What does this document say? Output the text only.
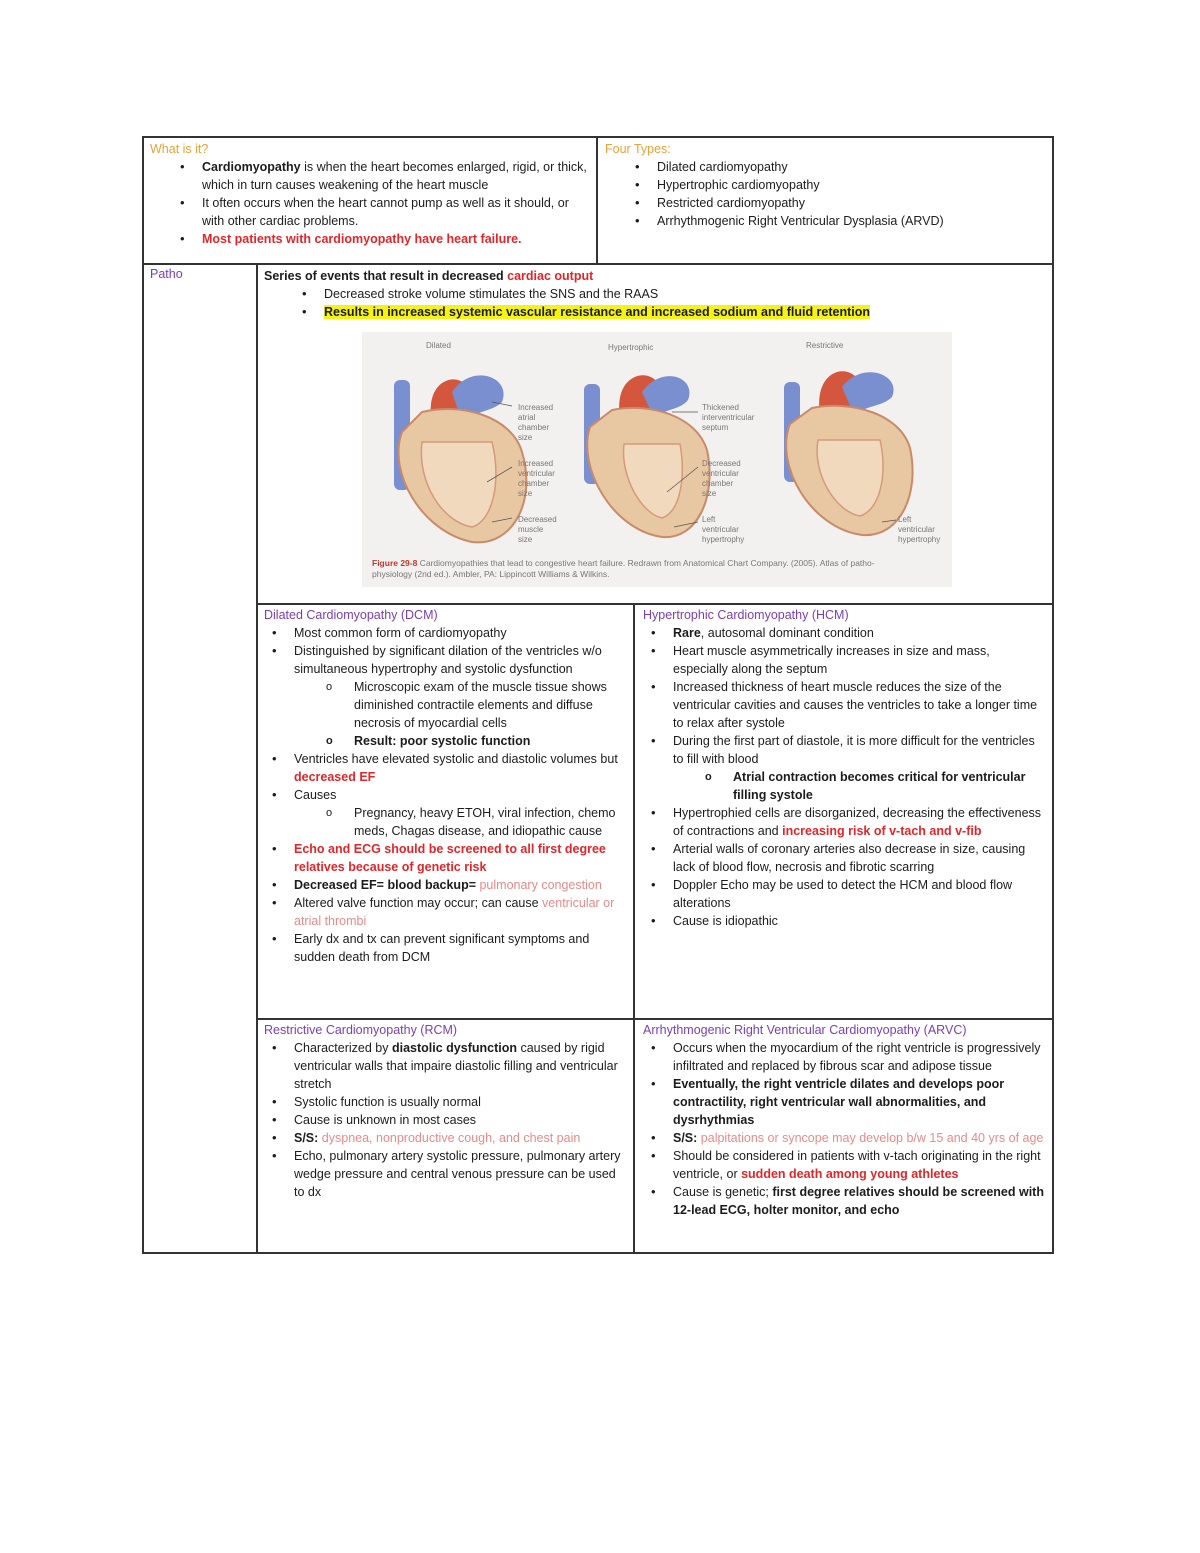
What is it?
• Cardiomyopathy is when the heart becomes enlarged, rigid, or thick, which in turn causes weakening of the heart muscle
• It often occurs when the heart cannot pump as well as it should, or with other cardiac problems.
• Most patients with cardiomyopathy have heart failure.
Four Types:
• Dilated cardiomyopathy
• Hypertrophic cardiomyopathy
• Restricted cardiomyopathy
• Arrhythmogenic Right Ventricular Dysplasia (ARVD)
Patho	Series of events that result in decreased cardiac output
• Decreased stroke volume stimulates the SNS and the RAAS
• Results in increased systemic vascular resistance and increased sodium and fluid retention
Dilated	Hypertrophic	Restrictive
Increased
atrial
chamber
size
Increased
ventricular
chamber
size
Decreased
muscle
size
Thickened
interventricular
septum
Decreased
ventricular
chamber
size
Left
ventricular
hypertrophy
Left
ventricular
hypertrophy
Figure 29-8 Cardiomyopathies that lead to congestive heart failure. Redrawn from Anatomical Chart Company. (2005). Atlas of patho-
physiology (2nd ed.). Ambler, PA: Lippincott Williams & Wilkins.
Dilated Cardiomyopathy (DCM)
• Most common form of cardiomyopathy
• Distinguished by significant dilation of the ventricles w/o simultaneous hypertrophy and systolic dysfunction
o Microscopic exam of the muscle tissue shows diminished contractile elements and diffuse necrosis of myocardial cells
o Result: poor systolic function
• Ventricles have elevated systolic and diastolic volumes but decreased EF
• Causes
o Pregnancy, heavy ETOH, viral infection, chemo meds, Chagas disease, and idiopathic cause
• Echo and ECG should be screened to all first degree relatives because of genetic risk
• Decreased EF= blood backup= pulmonary congestion
• Altered valve function may occur; can cause ventricular or atrial thrombi
• Early dx and tx can prevent significant symptoms and sudden death from DCM
Hypertrophic Cardiomyopathy (HCM)
• Rare, autosomal dominant condition
• Heart muscle asymmetrically increases in size and mass, especially along the septum
• Increased thickness of heart muscle reduces the size of the ventricular cavities and causes the ventricles to take a longer time to relax after systole
• During the first part of diastole, it is more difficult for the ventricles to fill with blood
o Atrial contraction becomes critical for ventricular filling systole
• Hypertrophied cells are disorganized, decreasing the effectiveness of contractions and increasing risk of v-tach and v-fib
• Arterial walls of coronary arteries also decrease in size, causing lack of blood flow, necrosis and fibrotic scarring
• Doppler Echo may be used to detect the HCM and blood flow alterations
• Cause is idiopathic
Restrictive Cardiomyopathy (RCM)
• Characterized by diastolic dysfunction caused by rigid ventricular walls that impaire diastolic filling and ventricular stretch
• Systolic function is usually normal
• Cause is unknown in most cases
• S/S: dyspnea, nonproductive cough, and chest pain
• Echo, pulmonary artery systolic pressure, pulmonary artery wedge pressure and central venous pressure can be used to dx
Arrhythmogenic Right Ventricular Cardiomyopathy (ARVC)
• Occurs when the myocardium of the right ventricle is progressively infiltrated and replaced by fibrous scar and adipose tissue
• Eventually, the right ventricle dilates and develops poor contractility, right ventricular wall abnormalities, and dysrhythmias
• S/S: palpitations or syncope may develop b/w 15 and 40 yrs of age
• Should be considered in patients with v-tach originating in the right ventricle, or sudden death among young athletes
• Cause is genetic; first degree relatives should be screened with 12-lead ECG, holter monitor, and echo
